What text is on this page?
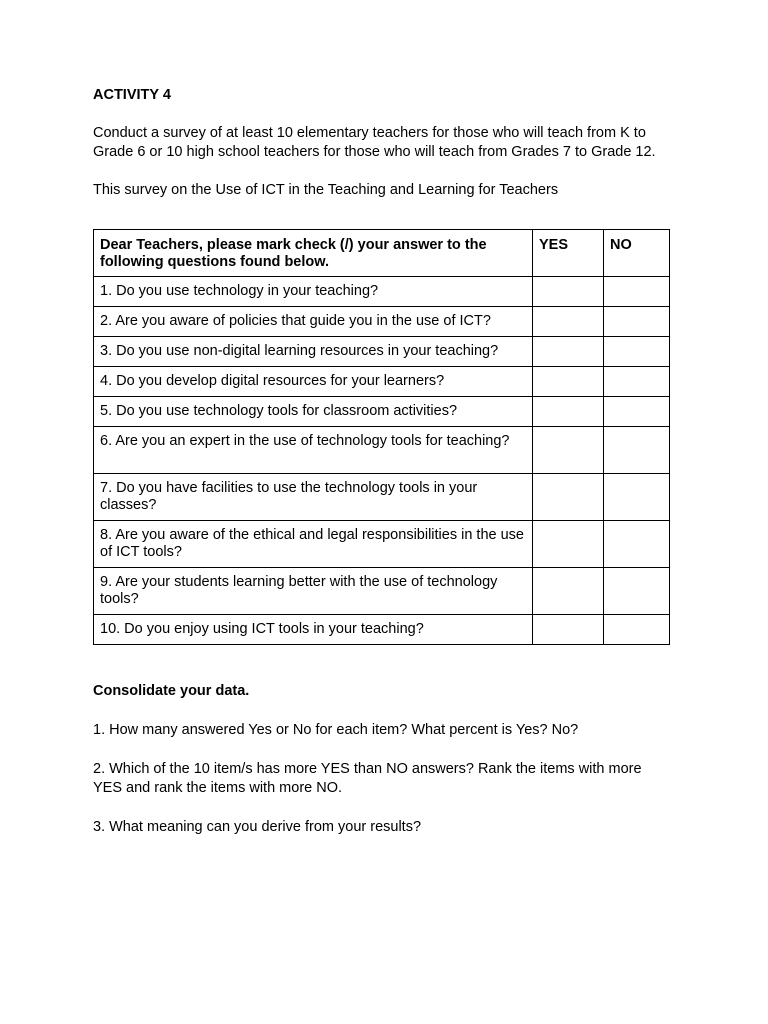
ACTIVITY 4

Conduct a survey of at least 10 elementary teachers for those who will teach from K to Grade 6 or 10 high school teachers for those who will teach from Grades 7 to Grade 12.

This survey on the Use of ICT in the Teaching and Learning for Teachers

Dear Teachers, please mark check (/) your answer to the following questions found below.	YES	NO
1. Do you use technology in your teaching?		
2. Are you aware of policies that guide you in the use of ICT?		
3. Do you use non-digital learning resources in your teaching?		
4. Do you develop digital resources for your learners?		
5. Do you use technology tools for classroom activities?		
6. Are you an expert in the use of technology tools for teaching?		
7. Do you have facilities to use the technology tools in your classes?		
8. Are you aware of the ethical and legal responsibilities in the use of ICT tools?		
9. Are your students learning better with the use of technology tools?		
10. Do you enjoy using ICT tools in your teaching?		

Consolidate your data.

1. How many answered Yes or No for each item? What percent is Yes? No?

2. Which of the 10 item/s has more YES than NO answers? Rank the items with more YES and rank the items with more NO.

3. What meaning can you derive from your results?
